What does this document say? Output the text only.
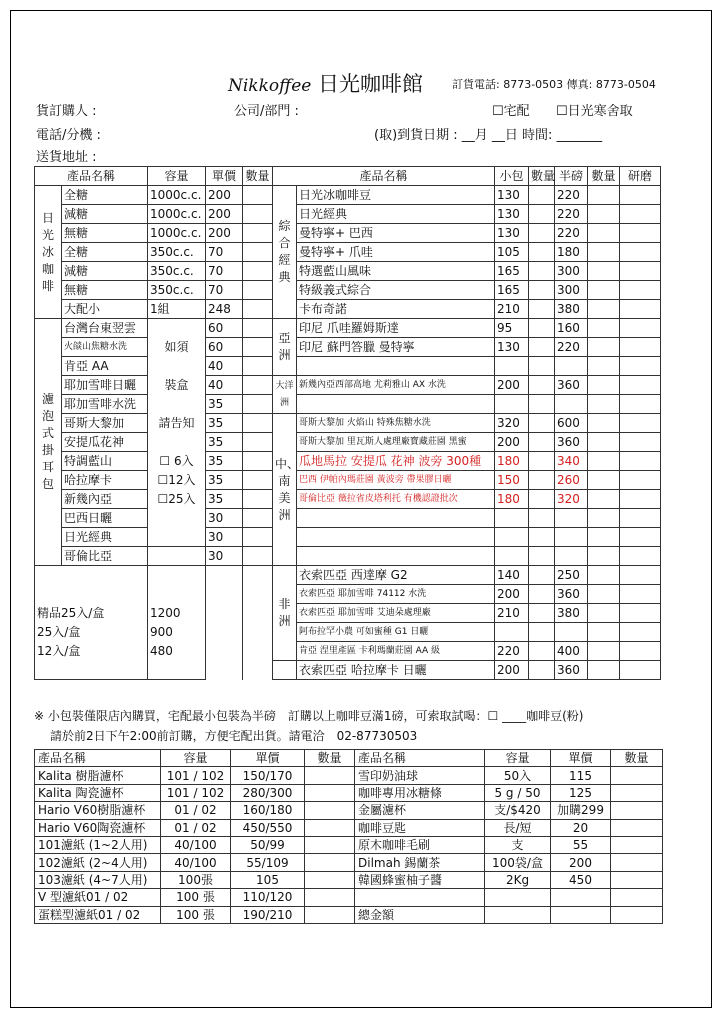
Nikkoffee 日光咖啡館	訂貨電話: 8773-0503 傳真: 8773-0504
貨訂購人 :	公司/部門 :	☐宅配 ☐日光寒舍取
電話/分機 :	(取)到貨日期 : __月 __日 時間: _______
送貨地址 :
產品名稱		容量	單價	數量	產品名稱		小包	數量	半磅	數量	研磨
日光冰咖啡	全糖	1000c.c.	200		綜合經典	日光冰咖啡豆	130		220		
	減糖	1000c.c.	200			日光經典	130		220		
	無糖	1000c.c.	200			曼特寧+ 巴西	130		220		
	全糖	350c.c.	70			曼特寧+ 爪哇	105		180		
	減糖	350c.c.	70			特選藍山風味	165		300		
	無糖	350c.c.	70			特級義式綜合	165		300		
	大配小	1組	248			卡布奇諾	210		380		
濾泡式掛耳包	台灣台東翌雲		60		亞洲	印尼 爪哇羅姆斯達	95		160		
	火燄山焦糖水洗	如須	60			印尼 蘇門答臘 曼特寧	130		220		
	肯亞 AA		40								
	耶加雪啡日曬	裝盒	40		大洋洲	新幾內亞西部高地 尤莉雅山 AX 水洗	200		360		
	耶加雪啡水洗		35								
	哥斯大黎加	請告知	35		中、南美洲	哥斯大黎加 火焰山 特殊焦糖水洗	320		600		
	安提瓜花神		35			哥斯大黎加 里瓦斯人處理廠寶藏莊園 黑蜜	200		360		
	特調藍山	☐ 6入	35			瓜地馬拉 安提瓜 花神 波旁 300種	180		340		
	哈拉摩卡	☐12入	35			巴西 伊帕內瑪莊園 黃波旁 帶果膠日曬	150		260		
	新幾內亞	☐25入	35			哥倫比亞 薇拉省皮塔利托 有機認證批次	180		320		
	巴西日曬		30								
	日光經典		30								
	哥倫比亞		30								
					非洲	衣索匹亞 西達摩 G2	140		250		
						衣索匹亞 耶加雪啡 74112 水洗	200		360		
精品25入/盒		1200				衣索匹亞 耶加雪啡 艾迪朵處理廠	210		380		
25入/盒		900				阿布拉罕小農 可如蜜種 G1 日曬					
12入/盒		480				肯亞 涅里產區 卡利瑪蘭莊園 AA 級	220		400		
						衣索匹亞 哈拉摩卡 日曬	200		360		
※ 小包裝僅限店內購買，宅配最小包裝為半磅　訂購以上咖啡豆滿1磅，可索取試喝：☐ ____咖啡豆(粉)
請於前2日下午2:00前訂購，方便宅配出貨。請電洽　02-87730503
產品名稱	容量	單價	數量	產品名稱	容量	單價	數量
Kalita 樹脂濾杯	101 / 102	150/170		雪印奶油球	50入	115	
Kalita 陶瓷濾杯	101 / 102	280/300		咖啡專用冰糖條	5 g / 50	125	
Hario V60樹脂濾杯	01 / 02	160/180		金屬濾杯	支/$420	加購299	
Hario V60陶瓷濾杯	01 / 02	450/550		咖啡豆匙	長/短	20	
101濾紙 (1~2人用)	40/100	50/99		原木咖啡毛刷	支	55	
102濾紙 (2~4人用)	40/100	55/109		Dilmah 錫蘭茶	100袋/盒	200	
103濾紙 (4~7人用)	100張	105		韓國蜂蜜柚子醬	2Kg	450	
V 型濾紙01 / 02	100 張	110/120					
蛋糕型濾紙01 / 02	100 張	190/210		總金額			
